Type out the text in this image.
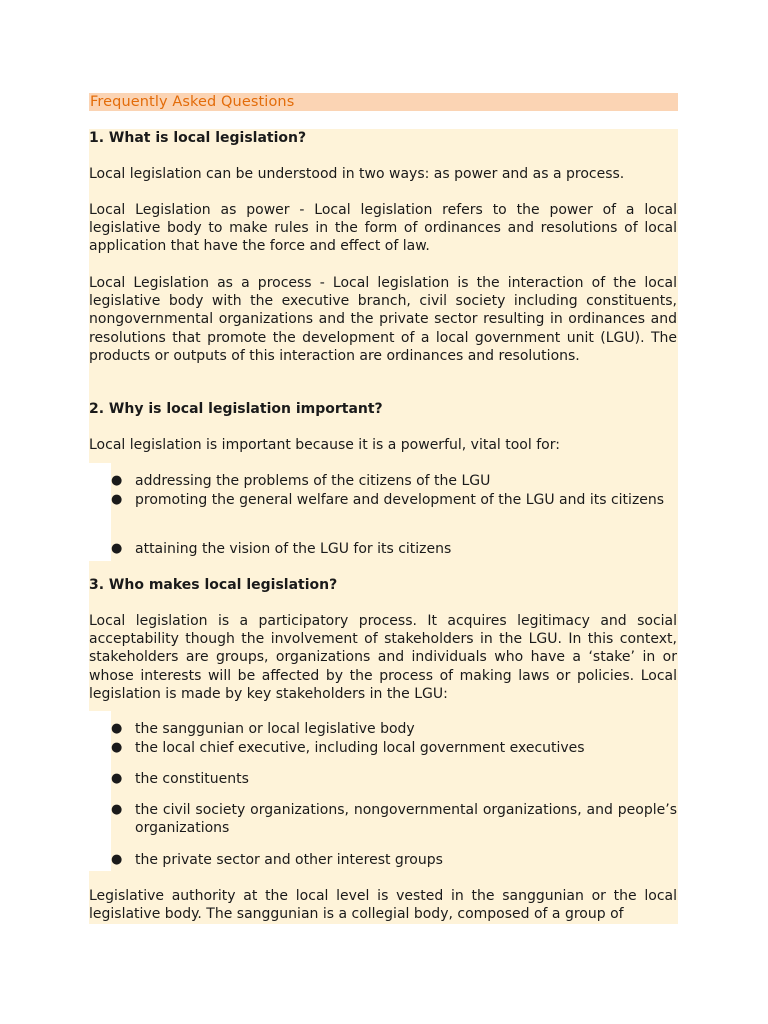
Frequently Asked Questions
1. What is local legislation?
Local legislation can be understood in two ways: as power and as a process.
Local Legislation as power - Local legislation refers to the power of a local legislative body to make rules in the form of ordinances and resolutions of local application that have the force and effect of law.
Local Legislation as a process - Local legislation is the interaction of the local legislative body with the executive branch, civil society including constituents, nongovernmental organizations and the private sector resulting in ordinances and resolutions that promote the development of a local government unit (LGU). The products or outputs of this interaction are ordinances and resolutions.
2. Why is local legislation important?
Local legislation is important because it is a powerful, vital tool for:
● addressing the problems of the citizens of the LGU
● promoting the general welfare and development of the LGU and its citizens
● attaining the vision of the LGU for its citizens
3. Who makes local legislation?
Local legislation is a participatory process. It acquires legitimacy and social acceptability though the involvement of stakeholders in the LGU. In this context, stakeholders are groups, organizations and individuals who have a ‘stake’ in or whose interests will be affected by the process of making laws or policies. Local legislation is made by key stakeholders in the LGU:
● the sanggunian or local legislative body
● the local chief executive, including local government executives
● the constituents
● the civil society organizations, nongovernmental organizations, and people’s organizations
● the private sector and other interest groups
Legislative authority at the local level is vested in the sanggunian or the local legislative body. The sanggunian is a collegial body, composed of a group of
